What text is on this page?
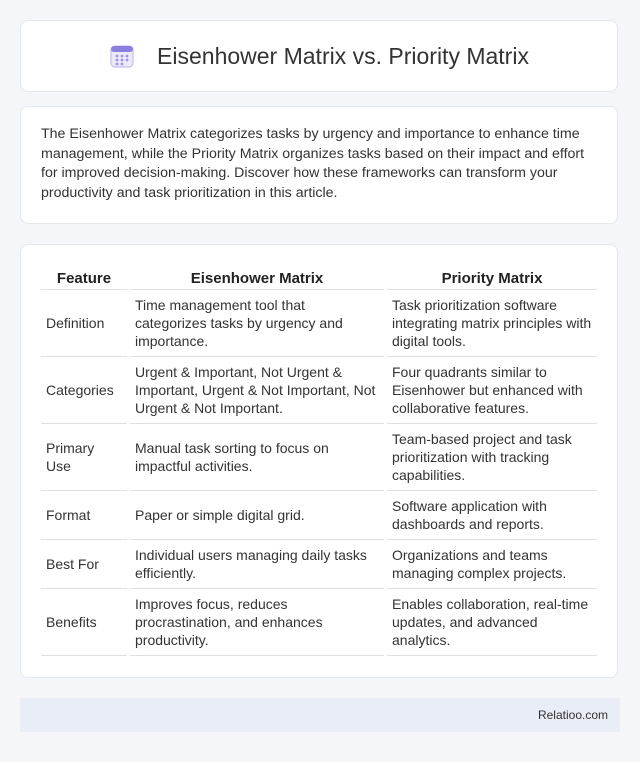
Eisenhower Matrix vs. Priority Matrix

The Eisenhower Matrix categorizes tasks by urgency and importance to enhance time management, while the Priority Matrix organizes tasks based on their impact and effort for improved decision-making. Discover how these frameworks can transform your productivity and task prioritization in this article.

Feature	Eisenhower Matrix	Priority Matrix
Definition	Time management tool that categorizes tasks by urgency and importance.	Task prioritization software integrating matrix principles with digital tools.
Categories	Urgent & Important, Not Urgent & Important, Urgent & Not Important, Not Urgent & Not Important.	Four quadrants similar to Eisenhower but enhanced with collaborative features.
Primary Use	Manual task sorting to focus on impactful activities.	Team-based project and task prioritization with tracking capabilities.
Format	Paper or simple digital grid.	Software application with dashboards and reports.
Best For	Individual users managing daily tasks efficiently.	Organizations and teams managing complex projects.
Benefits	Improves focus, reduces procrastination, and enhances productivity.	Enables collaboration, real-time updates, and advanced analytics.
Relatioo.com
